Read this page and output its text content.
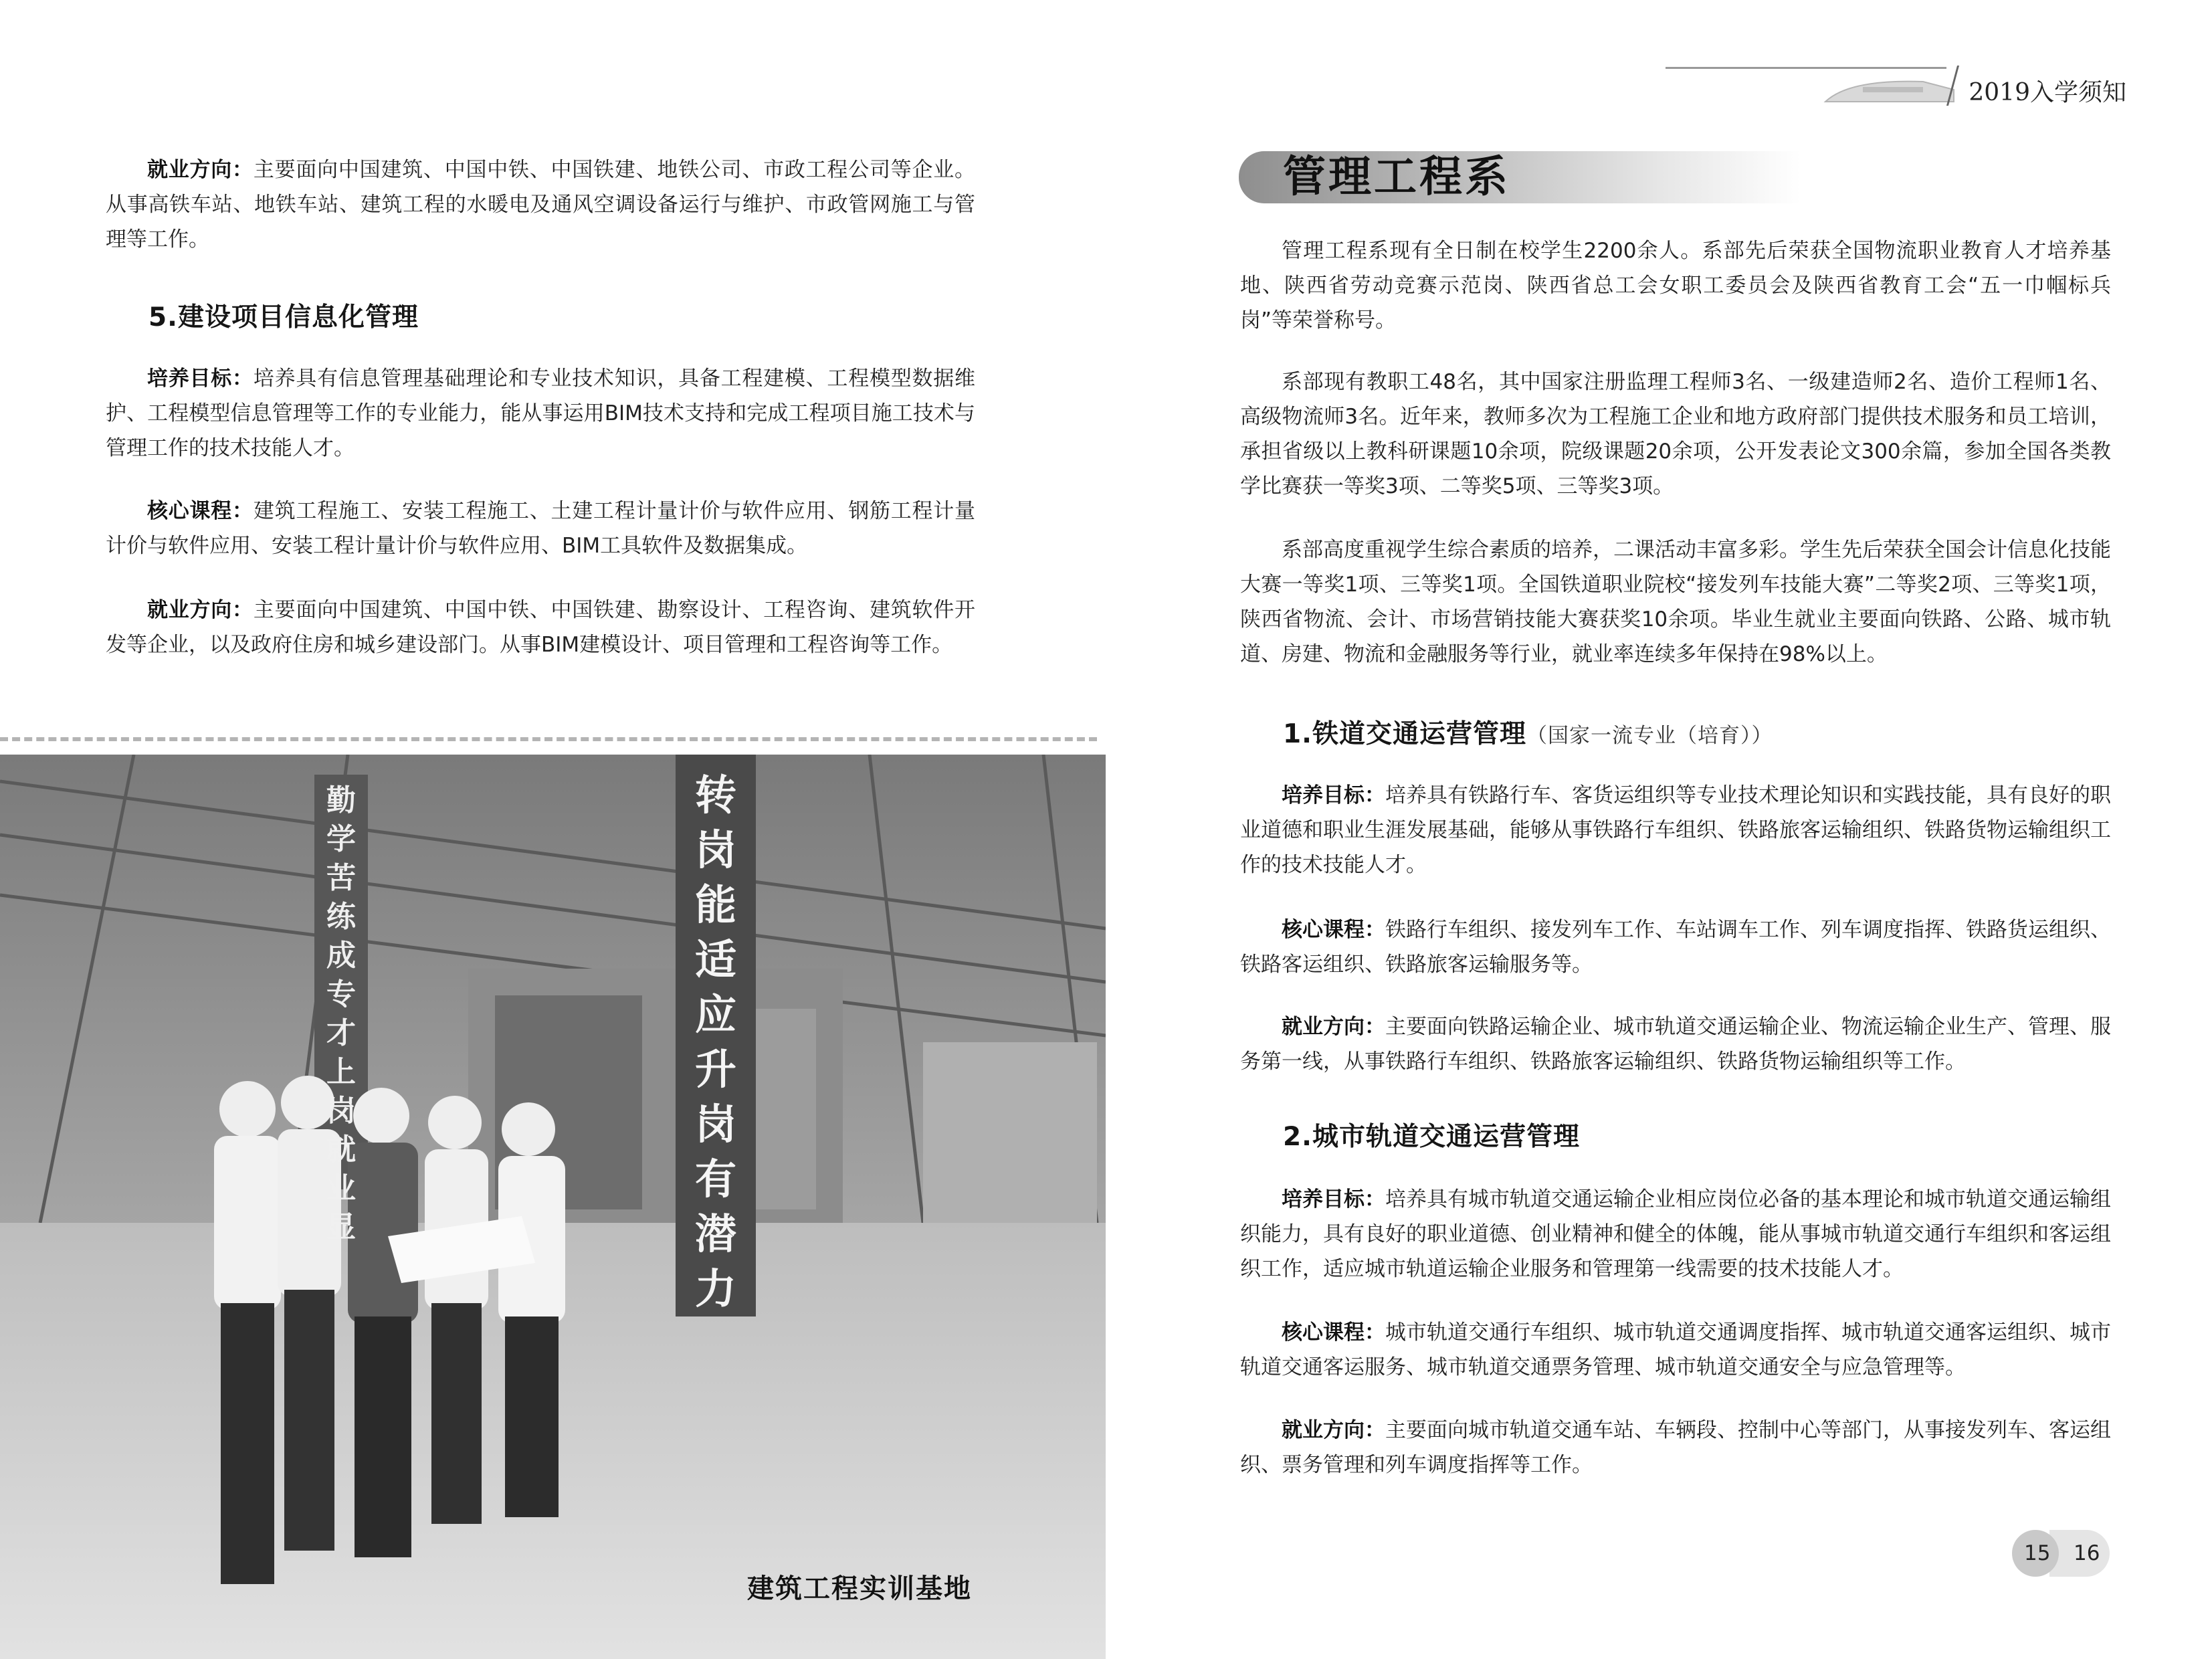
就业方向：主要面向中国建筑、中国中铁、中国铁建、地铁公司、市政工程公司等企业。从事高铁车站、地铁车站、建筑工程的水暖电及通风空调设备运行与维护、市政管网施工与管理等工作。

5.建设项目信息化管理

培养目标：培养具有信息管理基础理论和专业技术知识，具备工程建模、工程模型数据维护、工程模型信息管理等工作的专业能力，能从事运用BIM技术支持和完成工程项目施工技术与管理工作的技术技能人才。

核心课程：建筑工程施工、安装工程施工、土建工程计量计价与软件应用、钢筋工程计量计价与软件应用、安装工程计量计价与软件应用、BIM工具软件及数据集成。

就业方向：主要面向中国建筑、中国中铁、中国铁建、勘察设计、工程咨询、建筑软件开发等企业，以及政府住房和城乡建设部门。从事BIM建模设计、项目管理和工程咨询等工作。

转岗能适应 升岗有潜力
勤学苦练成专才 上岗就业显
建筑工程实训基地
2019入学须知
管理工程系

管理工程系现有全日制在校学生2200余人。系部先后荣获全国物流职业教育人才培养基地、陕西省劳动竞赛示范岗、陕西省总工会女职工委员会及陕西省教育工会“五一巾帼标兵岗”等荣誉称号。

系部现有教职工48名，其中国家注册监理工程师3名、一级建造师2名、造价工程师1名、高级物流师3名。近年来，教师多次为工程施工企业和地方政府部门提供技术服务和员工培训，承担省级以上教科研课题10余项，院级课题20余项，公开发表论文300余篇，参加全国各类教学比赛获一等奖3项、二等奖5项、三等奖3项。

系部高度重视学生综合素质的培养，二课活动丰富多彩。学生先后荣获全国会计信息化技能大赛一等奖1项、三等奖1项。全国铁道职业院校“接发列车技能大赛”二等奖2项、三等奖1项，陕西省物流、会计、市场营销技能大赛获奖10余项。毕业生就业主要面向铁路、公路、城市轨道、房建、物流和金融服务等行业，就业率连续多年保持在98%以上。

1.铁道交通运营管理（国家一流专业（培育））

培养目标：培养具有铁路行车、客货运组织等专业技术理论知识和实践技能，具有良好的职业道德和职业生涯发展基础，能够从事铁路行车组织、铁路旅客运输组织、铁路货物运输组织工作的技术技能人才。

核心课程：铁路行车组织、接发列车工作、车站调车工作、列车调度指挥、铁路货运组织、铁路客运组织、铁路旅客运输服务等。

就业方向：主要面向铁路运输企业、城市轨道交通运输企业、物流运输企业生产、管理、服务第一线，从事铁路行车组织、铁路旅客运输组织、铁路货物运输组织等工作。

2.城市轨道交通运营管理

培养目标：培养具有城市轨道交通运输企业相应岗位必备的基本理论和城市轨道交通运输组织能力，具有良好的职业道德、创业精神和健全的体魄，能从事城市轨道交通行车组织和客运组织工作，适应城市轨道运输企业服务和管理第一线需要的技术技能人才。

核心课程：城市轨道交通行车组织、城市轨道交通调度指挥、城市轨道交通客运组织、城市轨道交通客运服务、城市轨道交通票务管理、城市轨道交通安全与应急管理等。

就业方向：主要面向城市轨道交通车站、车辆段、控制中心等部门，从事接发列车、客运组织、票务管理和列车调度指挥等工作。

15 16
